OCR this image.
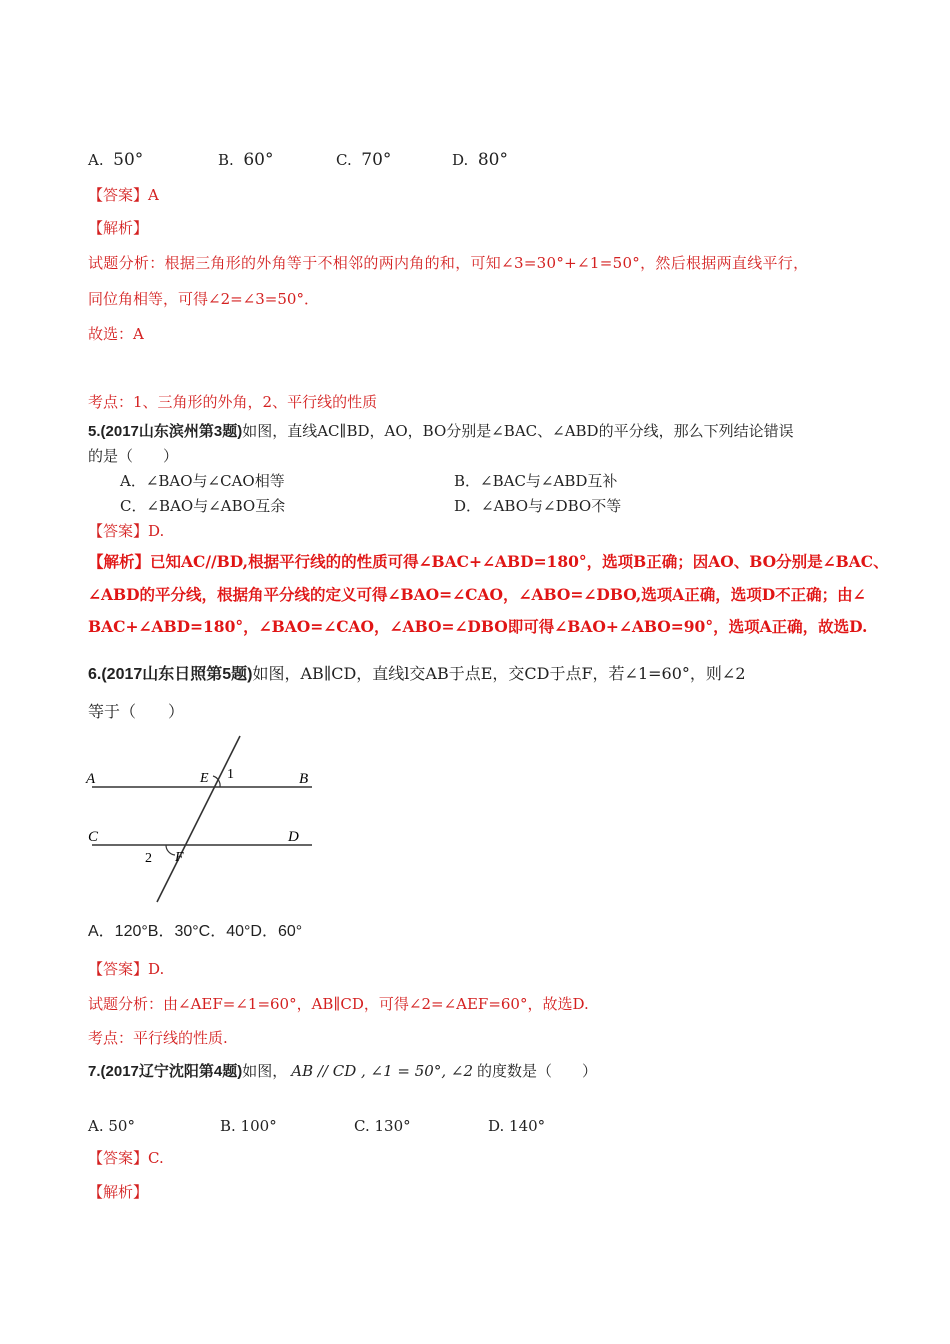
A. 50°	B. 60°	C. 70°	D. 80°
【答案】A
【解析】
试题分析：根据三角形的外角等于不相邻的两内角的和，可知∠3=30°+∠1=50°，然后根据两直线平行，
同位角相等，可得∠2=∠3=50°．
故选：A
考点：1、三角形的外角，2、平行线的性质
5.(2017山东滨州第3题)如图，直线AC∥BD，AO，BO分别是∠BAC、∠ABD的平分线，那么下列结论错误
的是（　　）
A．∠BAO与∠CAO相等	B．∠BAC与∠ABD互补
C．∠BAO与∠ABO互余	D．∠ABO与∠DBO不等
【答案】D.
【解析】已知AC//BD,根据平行线的的性质可得∠BAC+∠ABD=180°，选项B正确；因AO、BO分别是∠BAC、
∠ABD的平分线，根据角平分线的定义可得∠BAO=∠CAO，∠ABO=∠DBO,选项A正确，选项D不正确；由∠
BAC+∠ABD=180°，∠BAO=∠CAO，∠ABO=∠DBO即可得∠BAO+∠ABO=90°，选项A正确，故选D.
6.(2017山东日照第5题)如图，AB∥CD，直线l交AB于点E，交CD于点F，若∠1=60°，则∠2
等于（　　）
A	B
C	D
E 1
F
2
A．120°B．30°C．40°D．60°
【答案】D.
试题分析：由∠AEF=∠1=60°，AB∥CD，可得∠2=∠AEF=60°，故选D.
考点：平行线的性质.
7.(2017辽宁沈阳第4题)如图， AB // CD , ∠1 = 50°, ∠2 的度数是（　　）
A. 50°	B. 100°	C. 130°	D. 140°
【答案】C.
【解析】
